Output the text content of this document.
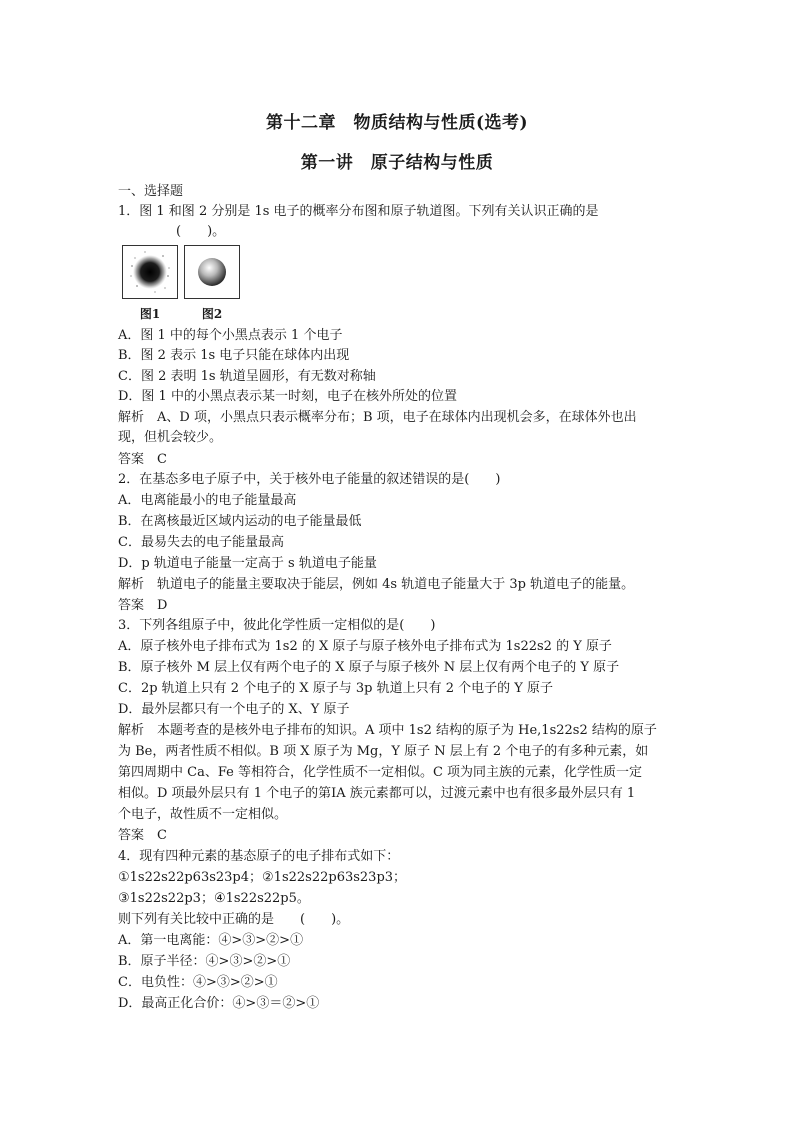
第十二章　物质结构与性质(选考)
第一讲　原子结构与性质
一、选择题
1．图 1 和图 2 分别是 1s 电子的概率分布图和原子轨道图。下列有关认识正确的是
(　　)。
图1	图2
A．图 1 中的每个小黑点表示 1 个电子
B．图 2 表示 1s 电子只能在球体内出现
C．图 2 表明 1s 轨道呈圆形，有无数对称轴
D．图 1 中的小黑点表示某一时刻，电子在核外所处的位置
解析　A、D 项，小黑点只表示概率分布；B 项，电子在球体内出现机会多，在球体外也出
现，但机会较少。
答案　C
2．在基态多电子原子中，关于核外电子能量的叙述错误的是(　　)
A．电离能最小的电子能量最高
B．在离核最近区域内运动的电子能量最低
C．最易失去的电子能量最高
D．p 轨道电子能量一定高于 s 轨道电子能量
解析　轨道电子的能量主要取决于能层，例如 4s 轨道电子能量大于 3p 轨道电子的能量。
答案　D
3．下列各组原子中，彼此化学性质一定相似的是(　　)
A．原子核外电子排布式为 1s2 的 X 原子与原子核外电子排布式为 1s22s2 的 Y 原子
B．原子核外 M 层上仅有两个电子的 X 原子与原子核外 N 层上仅有两个电子的 Y 原子
C．2p 轨道上只有 2 个电子的 X 原子与 3p 轨道上只有 2 个电子的 Y 原子
D．最外层都只有一个电子的 X、Y 原子
解析　本题考查的是核外电子排布的知识。A 项中 1s2 结构的原子为 He,1s22s2 结构的原子
为 Be，两者性质不相似。B 项 X 原子为 Mg，Y 原子 N 层上有 2 个电子的有多种元素，如
第四周期中 Ca、Fe 等相符合，化学性质不一定相似。C 项为同主族的元素，化学性质一定
相似。D 项最外层只有 1 个电子的第ⅠA 族元素都可以，过渡元素中也有很多最外层只有 1
个电子，故性质不一定相似。
答案　C
4．现有四种元素的基态原子的电子排布式如下：
①1s22s22p63s23p4；②1s22s22p63s23p3；
③1s22s22p3；④1s22s22p5。
则下列有关比较中正确的是　　(　　)。
A．第一电离能：④>③>②>①
B．原子半径：④>③>②>①
C．电负性：④>③>②>①
D．最高正化合价：④>③＝②>①
